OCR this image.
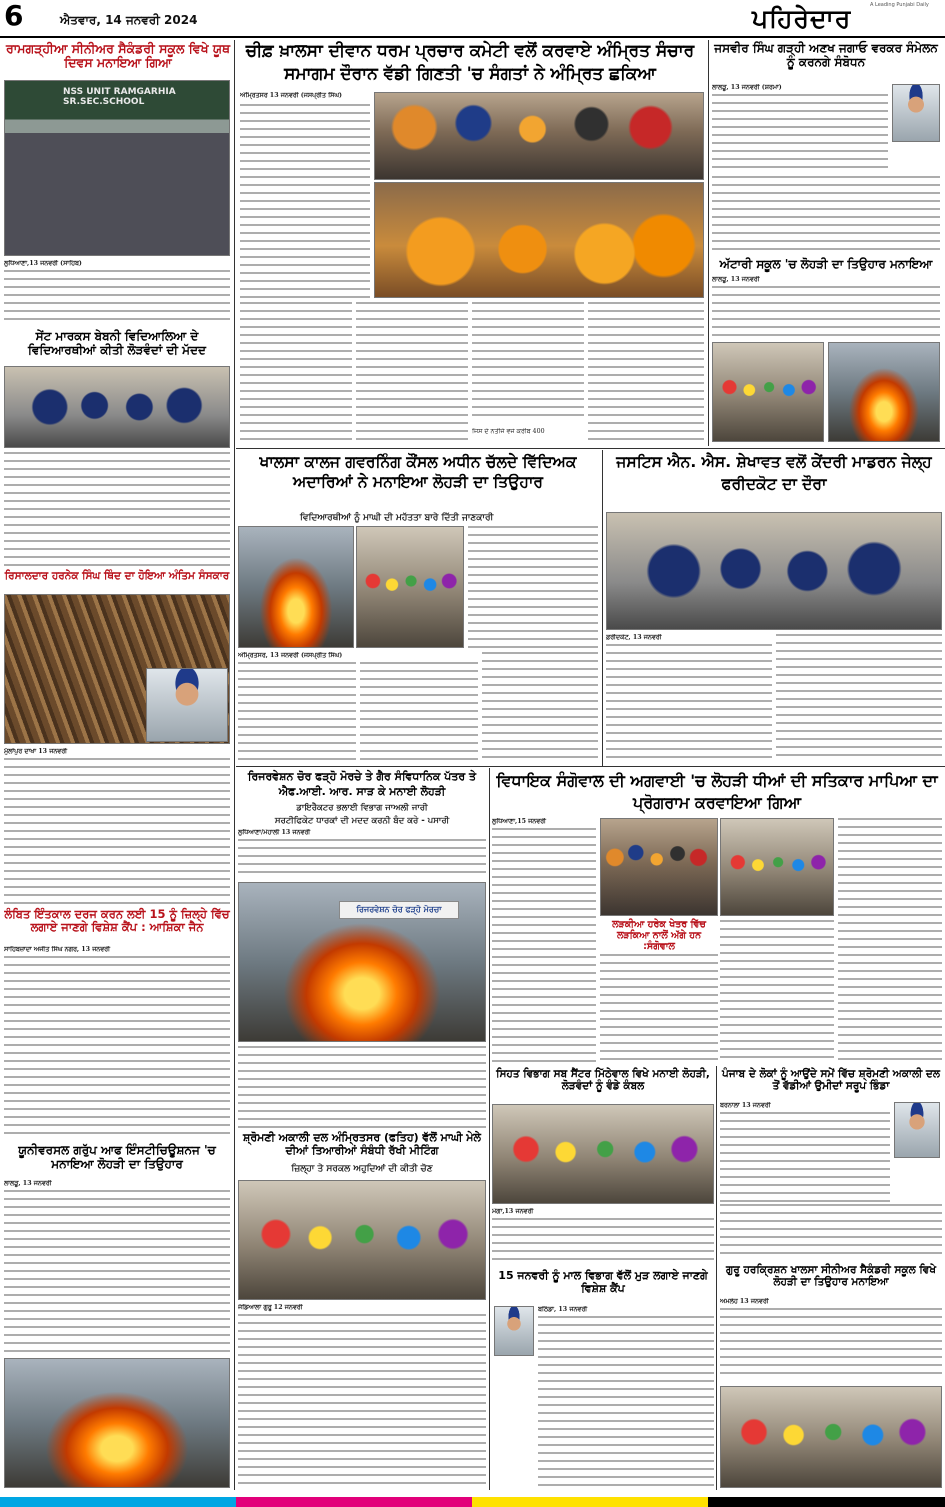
6	ਐਤਵਾਰ, 14 ਜਨਵਰੀ 2024
A Leading Punjabi Daily
ਪਹਿਰੇਦਾਰ
ਰਾਮਗੜ੍ਹੀਆ ਸੀਨੀਅਰ ਸੈਕੰਡਰੀ ਸਕੂਲ ਵਿਖੇ ਯੂਥ ਦਿਵਸ ਮਨਾਇਆ ਗਿਆ
NSS UNIT RAMGARHIA SR.SEC.SCHOOL
ਲੁਧਿਆਣਾ,13 ਜਨਵਰੀ (ਸਾਹਿਬ)
ਸੇਂਟ ਮਾਰਕਸ ਬੇਬਨੀ ਵਿਦਿਆਲਿਆ ਦੇ ਵਿਦਿਆਰਥੀਆਂ ਕੀਤੀ ਲੋੜਵੰਦਾਂ ਦੀ ਮੱਦਦ
ਰਿਸਾਲਦਾਰ ਹਰਨੇਕ ਸਿੰਘ ਥਿੰਦ ਦਾ ਹੋਇਆ ਅੰਤਿਮ ਸੰਸਕਾਰ
ਮੁੱਲਾਂਪੁਰ ਦਾਖਾ 13 ਜਨਵਰੀ
ਲੰਬਿਤ ਇੰਤਕਾਲ ਦਰਜ ਕਰਨ ਲਈ 15 ਨੂੰ ਜ਼ਿਲ੍ਹੇ ਵਿੱਚ ਲਗਾਏ ਜਾਣਗੇ ਵਿਸ਼ੇਸ਼ ਕੈਂਪ : ਆਸ਼ਿਕਾ ਜੈਨ
ਸਾਹਿਬਜ਼ਾਦਾ ਅਜੀਤ ਸਿੰਘ ਨਗਰ, 13 ਜਨਵਰੀ
ਯੂਨੀਵਰਸਲ ਗਰੁੱਪ ਆਫ ਇੰਸਟੀਚਿਊਸ਼ਨਜ 'ਚ ਮਨਾਇਆ ਲੋਹੜੀ ਦਾ ਤਿਉਹਾਰ
ਲਾਲੜੂ, 13 ਜਨਵਰੀ
ਚੀਫ਼ ਖ਼ਾਲਸਾ ਦੀਵਾਨ ਧਰਮ ਪ੍ਰਚਾਰ ਕਮੇਟੀ ਵਲੋਂ ਕਰਵਾਏ ਅੰਮ੍ਰਿਤ ਸੰਚਾਰ ਸਮਾਗਮ ਦੌਰਾਨ ਵੱਡੀ ਗਿਣਤੀ 'ਚ ਸੰਗਤਾਂ ਨੇ ਅੰਮ੍ਰਿਤ ਛਕਿਆ
ਅੰਮ੍ਰਿਤਸਰ 13 ਜਨਵਰੀ (ਜਸਪ੍ਰੀਤ ਸਿੰਘ)
ਜਿਸ ਦੇ ਨਤੀਜੇ ਵਜੋ ਕਰੀਬ 400
ਜਸਵੀਰ ਸਿੰਘ ਗੜ੍ਹੀ ਅਣਖ ਜਗਾਓ ਵਰਕਰ ਸੰਮੇਲਨ ਨੂੰ ਕਰਨਗੇ ਸੰਬੋਧਨ
ਲਾਲੜੂ, 13 ਜਨਵਰੀ (ਸ਼ਰਮਾ)
ਅੱਟਾਰੀ ਸਕੂਲ 'ਚ ਲੋਹੜੀ ਦਾ ਤਿਉਹਾਰ ਮਨਾਇਆ
ਲਾਲੜੂ, 13 ਜਨਵਰੀ
ਖਾਲਸਾ ਕਾਲਜ ਗਵਰਨਿੰਗ ਕੌਂਸਲ ਅਧੀਨ ਚੱਲਦੇ ਵਿੱਦਿਅਕ ਅਦਾਰਿਆਂ ਨੇ ਮਨਾਇਆ ਲੋਹੜੀ ਦਾ ਤਿਉਹਾਰ
ਵਿਦਿਆਰਥੀਆਂ ਨੂੰ ਮਾਘੀ ਦੀ ਮਹੱਤਤਾ ਬਾਰੇ ਦਿੱਤੀ ਜਾਣਕਾਰੀ
ਅੰਮ੍ਰਿਤਸਰ, 13 ਜਨਵਰੀ (ਜਸਪ੍ਰੀਤ ਸਿੰਘ)
ਜਸਟਿਸ ਐਨ. ਐਸ. ਸ਼ੇਖਾਵਤ ਵਲੋਂ ਕੇਂਦਰੀ ਮਾਡਰਨ ਜੇਲ੍ਹ ਫਰੀਦਕੋਟ ਦਾ ਦੌਰਾ
ਫ਼ਰੀਦਕੋਟ, 13 ਜਨਵਰੀ
ਰਿਜਰਵੇਸ਼ਨ ਚੋਰ ਫੜ੍ਹੋ ਮੋਰਚੇ ਤੇ ਗੈਰ ਸੰਵਿਧਾਨਿਕ ਪੱਤਰ ਤੇ ਐਫ.ਆਈ. ਆਰ. ਸਾੜ ਕੇ ਮਨਾਈ ਲੋਹੜੀ
ਡਾਇਰੈਕਟਰ ਭਲਾਈ ਵਿਭਾਗ ਜਾਅਲੀ ਜਾਰੀ
ਸਰਟੀਫਿਕੇਟ ਧਾਰਕਾਂ ਦੀ ਮਦਦ ਕਰਨੀ ਬੰਦ ਕਰੇ - ਪਸਾਰੀ
ਲੁਧਿਆਣਾ/ਮੋਹਾਲੀ 13 ਜਨਵਰੀ
ਰਿਜਰਵੇਸ਼ਨ ਚੋਰ ਫੜ੍ਹੋ ਮੋਰਚਾ
ਸ਼੍ਰੋਮਣੀ ਅਕਾਲੀ ਦਲ ਅੰਮ੍ਰਿਤਸਰ (ਫਤਿਹ) ਵੱਲੋਂ ਮਾਘੀ ਮੇਲੇ ਦੀਆਂ ਤਿਆਰੀਆਂ ਸੰਬੰਧੀ ਰੱਖੀ ਮੀਟਿੰਗ
ਜ਼ਿਲ੍ਹਾ ਤੇ ਸਰਕਲ ਅਹੁਦਿਆਂ ਦੀ ਕੀਤੀ ਚੋਣ
ਜੰਡਿਆਲਾ ਗੁਰੂ 12 ਜਨਵਰੀ
ਵਿਧਾਇਕ ਸੰਗੋਵਾਲ ਦੀ ਅਗਵਾਈ 'ਚ ਲੋਹੜੀ ਧੀਆਂ ਦੀ ਸਤਿਕਾਰ ਮਾਪਿਆ ਦਾ ਪ੍ਰੋਗਰਾਮ ਕਰਵਾਇਆ ਗਿਆ
ਲੁਧਿਆਣਾ,15 ਜਨਵਰੀ
ਲੜਕੀਆ ਹਰੇਕ ਖੇਤਰ ਵਿੱਚ ਲੜਕਿਆ ਨਾਲੋਂ ਅੱਗੇ ਹਨ :ਸੰਗੋਵਾਲ
ਸਿਹਤ ਵਿਭਾਗ ਸਬ ਸੈਂਟਰ ਮਿੱਠੇਵਾਲ ਵਿਖੇ ਮਨਾਈ ਲੋਹੜੀ, ਲੋੜਵੰਦਾਂ ਨੂੰ ਵੰਡੇ ਕੰਬਲ
ਮੋਗਾ,13 ਜਨਵਰੀ
15 ਜਨਵਰੀ ਨੂੰ ਮਾਲ ਵਿਭਾਗ ਵੱਲੋਂ ਮੁੜ ਲਗਾਏ ਜਾਣਗੇ ਵਿਸ਼ੇਸ਼ ਕੈਂਪ
ਬਠਿੰਡਾ, 13 ਜਨਵਰੀ
ਪੰਜਾਬ ਦੇ ਲੋਕਾਂ ਨੂੰ ਆਉਂਦੇ ਸਮੇਂ ਵਿੱਚ ਸ਼੍ਰੋਮਣੀ ਅਕਾਲੀ ਦਲ ਤੋਂ ਵੱਡੀਆਂ ਉਮੀਦਾਂ ਸਰੂਪ ਭਿੰਡਾ
ਬਰਨਾਲਾ 13 ਜਨਵਰੀ
ਗੁਰੂ ਹਰਕ੍ਰਿਸ਼ਨ ਖਾਲਸਾ ਸੀਨੀਅਰ ਸੈਕੰਡਰੀ ਸਕੂਲ ਵਿਖੇ ਲੋਹੜੀ ਦਾ ਤਿਉਹਾਰ ਮਨਾਇਆ
ਅਮਲੋਹ 13 ਜਨਵਰੀ
